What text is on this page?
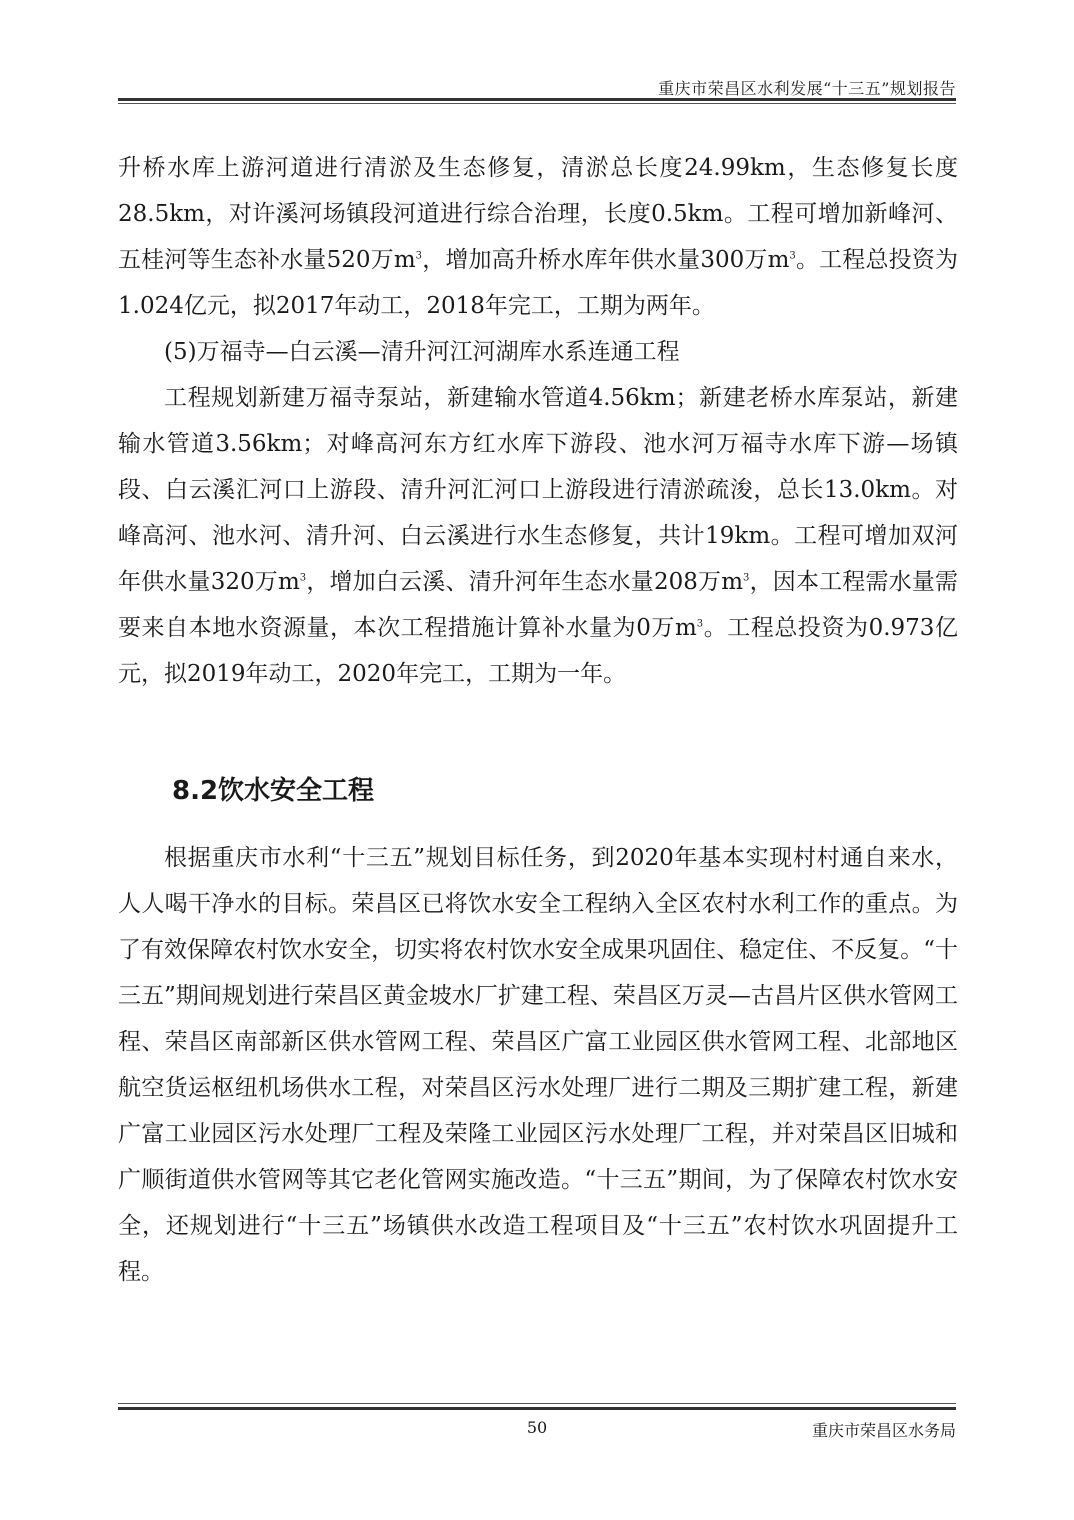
重庆市荣昌区水利发展“十三五”规划报告

升桥水库上游河道进行清淤及生态修复，清淤总长度24.99km，生态修复长度28.5km，对许溪河场镇段河道进行综合治理，长度0.5km。工程可增加新峰河、五桂河等生态补水量520万$m^3$，增加高升桥水库年供水量300万$m^3$。工程总投资为1.024亿元，拟2017年动工，2018年完工，工期为两年。

(5)万福寺—白云溪—清升河江河湖库水系连通工程

工程规划新建万福寺泵站，新建输水管道4.56km；新建老桥水库泵站，新建输水管道3.56km；对峰高河东方红水库下游段、池水河万福寺水库下游—场镇段、白云溪汇河口上游段、清升河汇河口上游段进行清淤疏浚，总长13.0km。对峰高河、池水河、清升河、白云溪进行水生态修复，共计19km。工程可增加双河年供水量320万$m^3$，增加白云溪、清升河年生态水量208万$m^3$，因本工程需水量需要来自本地水资源量，本次工程措施计算补水量为0万$m^3$。工程总投资为0.973亿元，拟2019年动工，2020年完工，工期为一年。

8.2饮水安全工程

根据重庆市水利“十三五”规划目标任务，到2020年基本实现村村通自来水，人人喝干净水的目标。荣昌区已将饮水安全工程纳入全区农村水利工作的重点。为了有效保障农村饮水安全，切实将农村饮水安全成果巩固住、稳定住、不反复。“十三五”期间规划进行荣昌区黄金坡水厂扩建工程、荣昌区万灵—古昌片区供水管网工程、荣昌区南部新区供水管网工程、荣昌区广富工业园区供水管网工程、北部地区航空货运枢纽机场供水工程，对荣昌区污水处理厂进行二期及三期扩建工程，新建广富工业园区污水处理厂工程及荣隆工业园区污水处理厂工程，并对荣昌区旧城和广顺街道供水管网等其它老化管网实施改造。“十三五”期间，为了保障农村饮水安全，还规划进行“十三五”场镇供水改造工程项目及“十三五”农村饮水巩固提升工程。

50	重庆市荣昌区水务局
